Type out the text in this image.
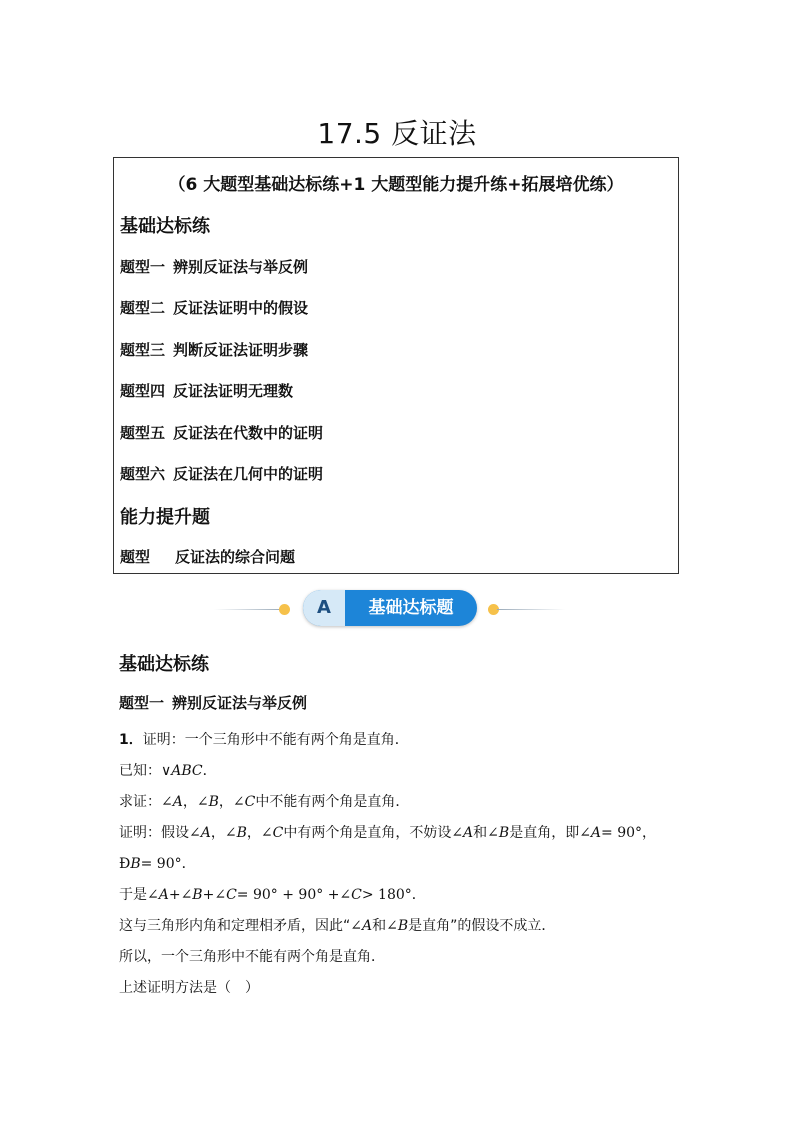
17.5 反证法
（6 大题型基础达标练+1 大题型能力提升练+拓展培优练）
基础达标练
题型一 辨别反证法与举反例
题型二 反证法证明中的假设
题型三 判断反证法证明步骤
题型四 反证法证明无理数
题型五 反证法在代数中的证明
题型六 反证法在几何中的证明
能力提升题
题型 反证法的综合问题
A	基础达标题
基础达标练
题型一 辨别反证法与举反例
1．证明：一个三角形中不能有两个角是直角．
已知：∨ABC．
求证：∠A，∠B，∠C中不能有两个角是直角．
证明：假设∠A，∠B，∠C中有两个角是直角，不妨设∠A和∠B是直角，即∠A= 90°，
ÐB= 90°．
于是∠A+∠B+∠C= 90° + 90° +∠C> 180°．
这与三角形内角和定理相矛盾，因此“∠A和∠B是直角”的假设不成立．
所以，一个三角形中不能有两个角是直角．
上述证明方法是（　）
